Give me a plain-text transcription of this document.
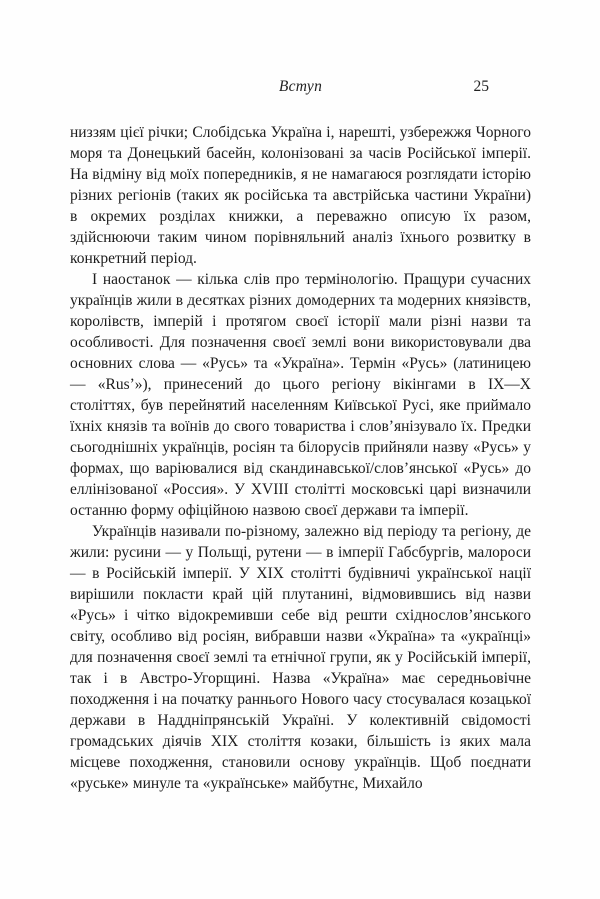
Вступ	25

низзям цієї річки; Слобідська Україна і, нарешті, узбережжя Чорного моря та Донецький басейн, колонізовані за часів Російської імперії. На відміну від моїх попередників, я не намагаюся розглядати історію різних регіонів (таких як російська та австрійська частини України) в окремих розділах книжки, а переважно описую їх разом, здійснюючи таким чином порівняльний аналіз їхнього розвитку в конкретний період.

І наостанок — кілька слів про термінологію. Пращури сучасних українців жили в десятках різних домодерних та модерних князівств, королівств, імперій і протягом своєї історії мали різні назви та особливості. Для позначення своєї землі вони використовували два основних слова — «Русь» та «Україна». Термін «Русь» (латиницею — «Rus’»), принесений до цього регіону вікінгами в IX—X століттях, був перейнятий населенням Київської Русі, яке приймало їхніх князів та воїнів до свого товариства і слов’янізувало їх. Предки сьогоднішніх українців, росіян та білорусів прийняли назву «Русь» у формах, що варіювалися від скандинавської/слов’янської «Русь» до еллінізованої «Россия». У XVIII столітті московські царі визначили останню форму офіційною назвою своєї держави та імперії.

Українців називали по-різному, залежно від періоду та регіону, де жили: русини — у Польщі, рутени — в імперії Габсбургів, малороси — в Російській імперії. У XIX столітті будівничі української нації вирішили покласти край цій плутанині, відмовившись від назви «Русь» і чітко відокремивши себе від решти східнослов’янського світу, особливо від росіян, вибравши назви «Україна» та «українці» для позначення своєї землі та етнічної групи, як у Російській імперії, так і в Австро-Угорщині. Назва «Україна» має середньовічне походження і на початку раннього Нового часу стосувалася козацької держави в Наддніпрянській Україні. У колективній свідомості громадських діячів XIX століття козаки, більшість із яких мала місцеве походження, становили основу українців. Щоб поєднати «руське» минуле та «українське» майбутнє, Михайло
